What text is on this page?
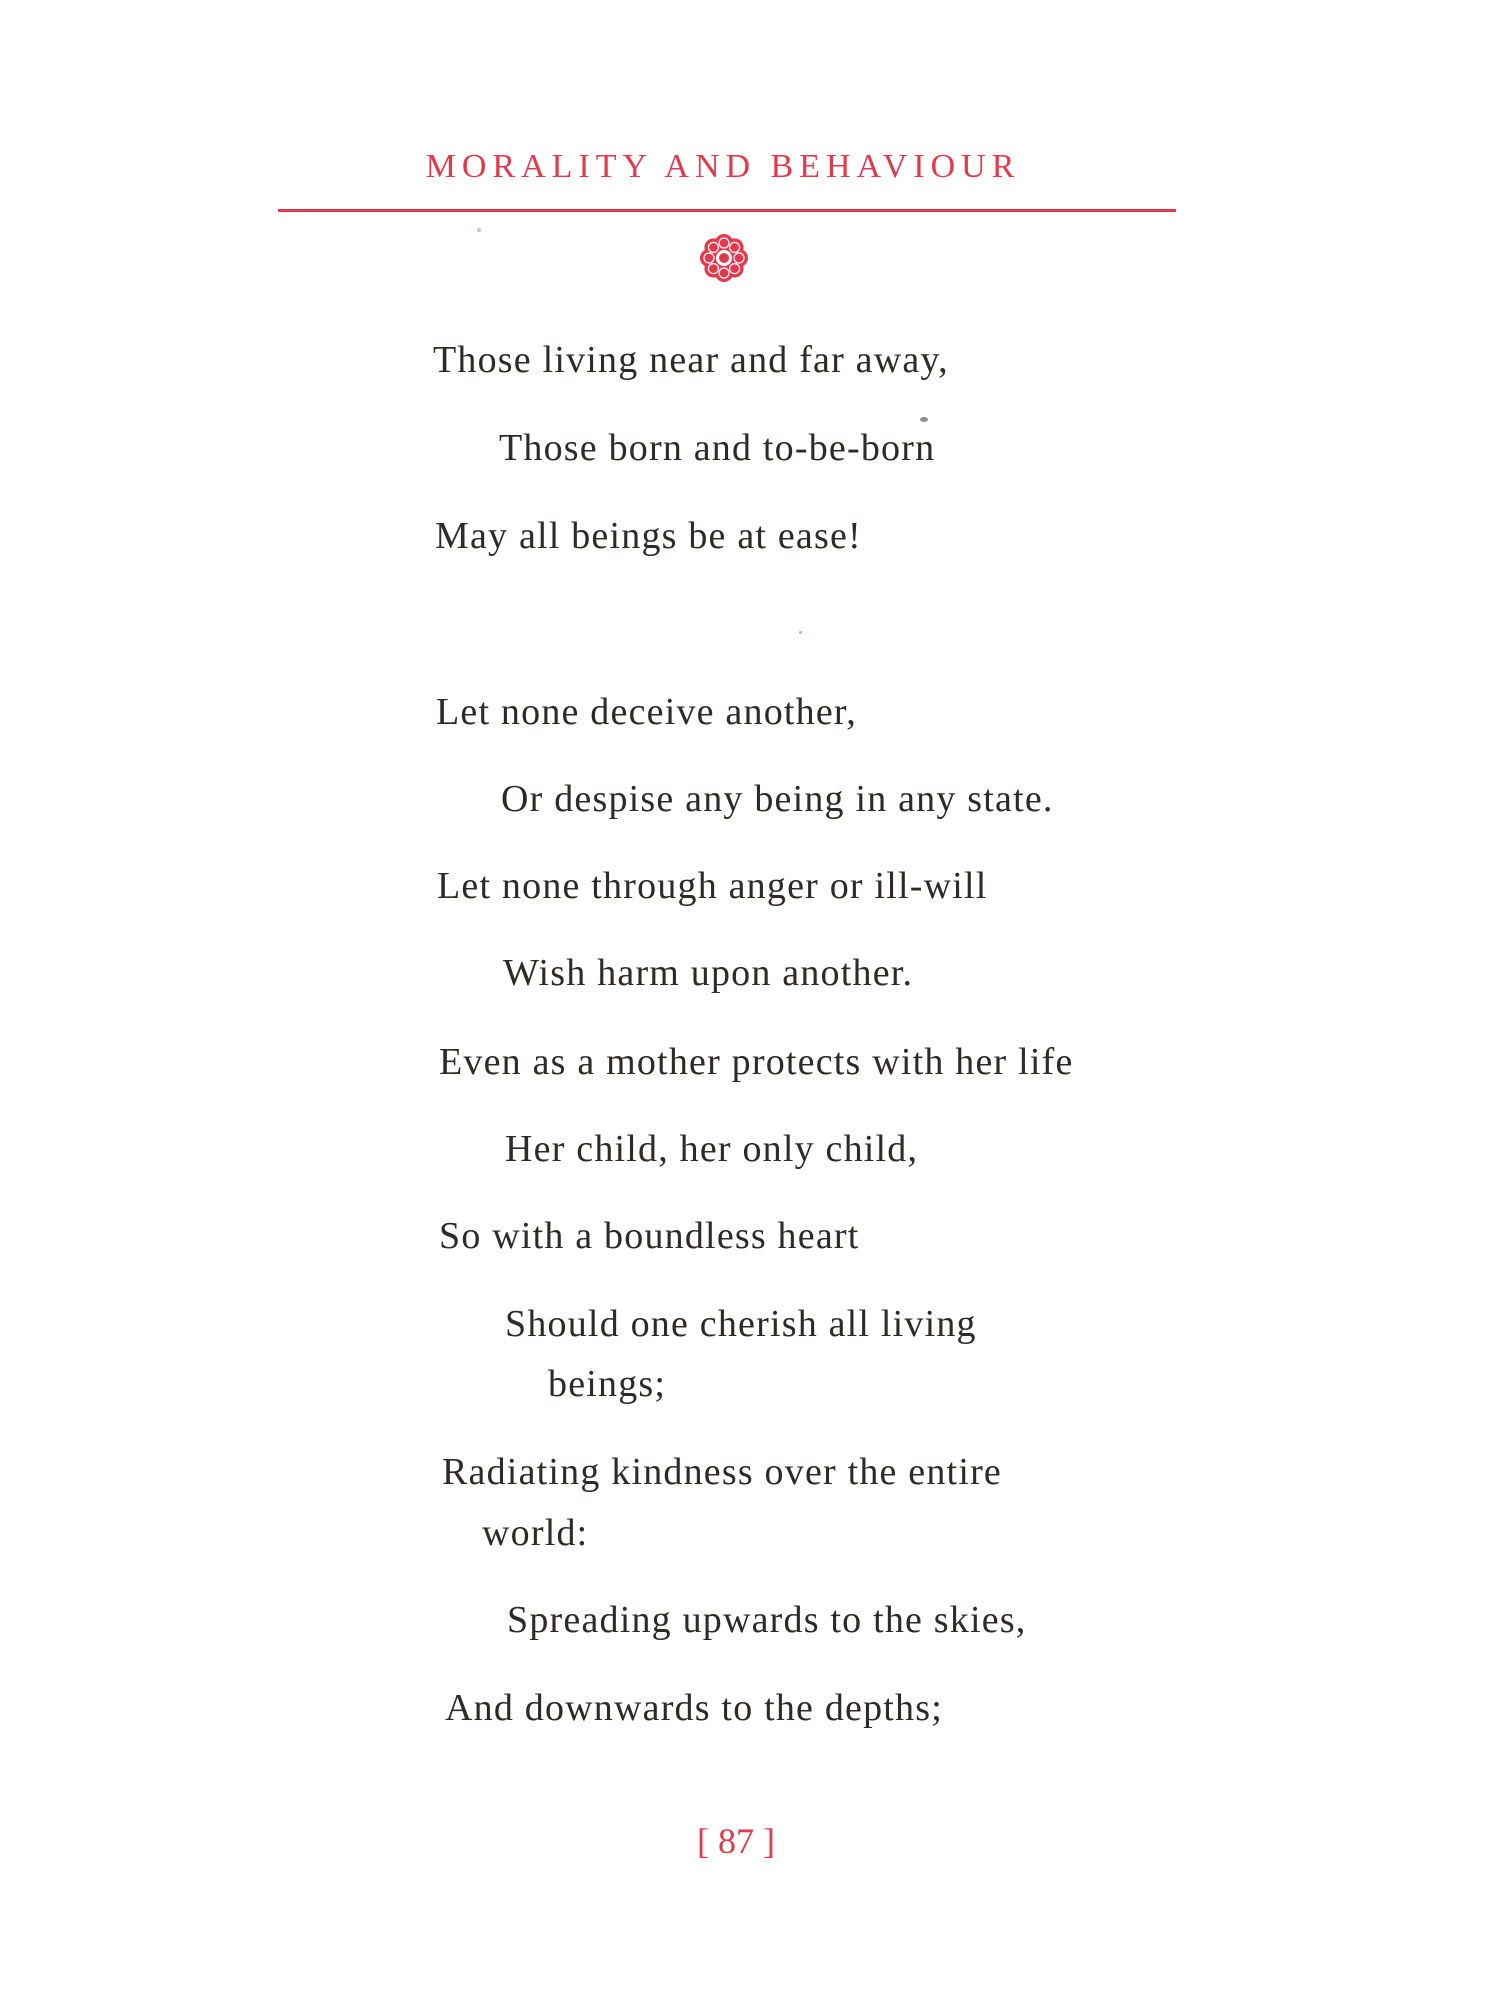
MORALITY AND BEHAVIOUR
Those living near and far away,
Those born and to-be-born
May all beings be at ease!
Let none deceive another,
Or despise any being in any state.
Let none through anger or ill-will
Wish harm upon another.
Even as a mother protects with her life
Her child, her only child,
So with a boundless heart
Should one cherish all living
beings;
Radiating kindness over the entire
world:
Spreading upwards to the skies,
And downwards to the depths;
[ 87 ]
